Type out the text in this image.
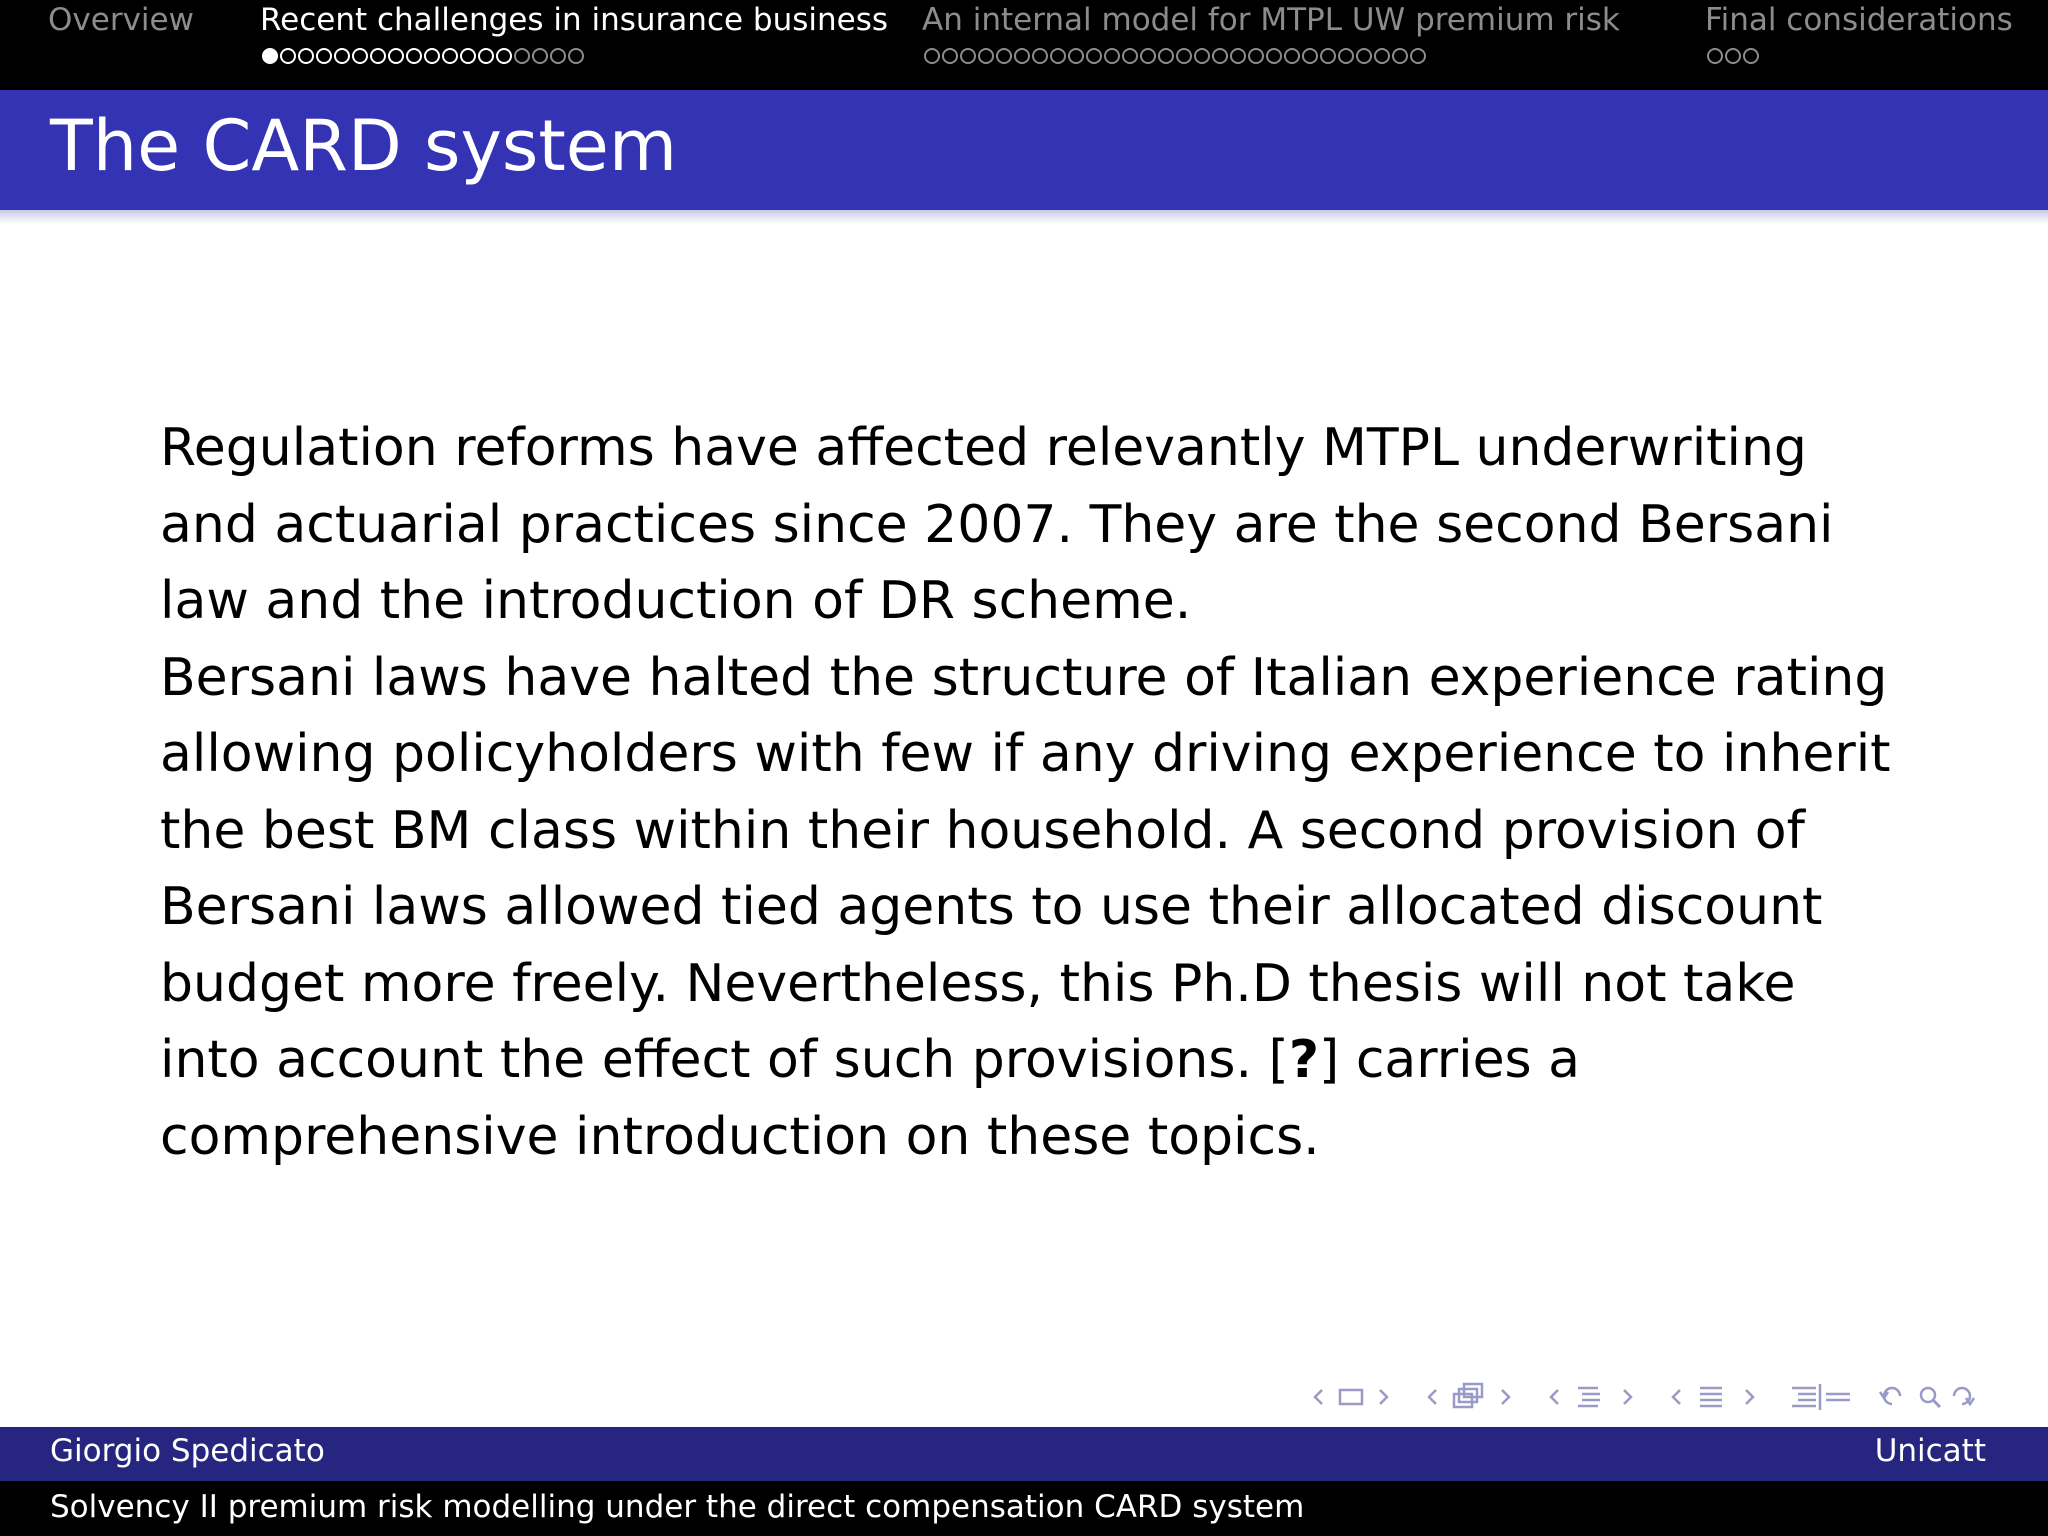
Overview Recent challenges in insurance business An internal model for MTPL UW premium risk	Final considerations
The CARD system

Regulation reforms have affected relevantly MTPL underwriting and actuarial practices since 2007. They are the second Bersani law and the introduction of DR scheme.

Bersani laws have halted the structure of Italian experience rating allowing policyholders with few if any driving experience to inherit the best BM class within their household. A second provision of Bersani laws allowed tied agents to use their allocated discount budget more freely. Nevertheless, this Ph.D thesis will not take into account the effect of such provisions. [?] carries a comprehensive introduction on these topics.

Giorgio Spedicato	Unicatt
Solvency II premium risk modelling under the direct compensation CARD system
